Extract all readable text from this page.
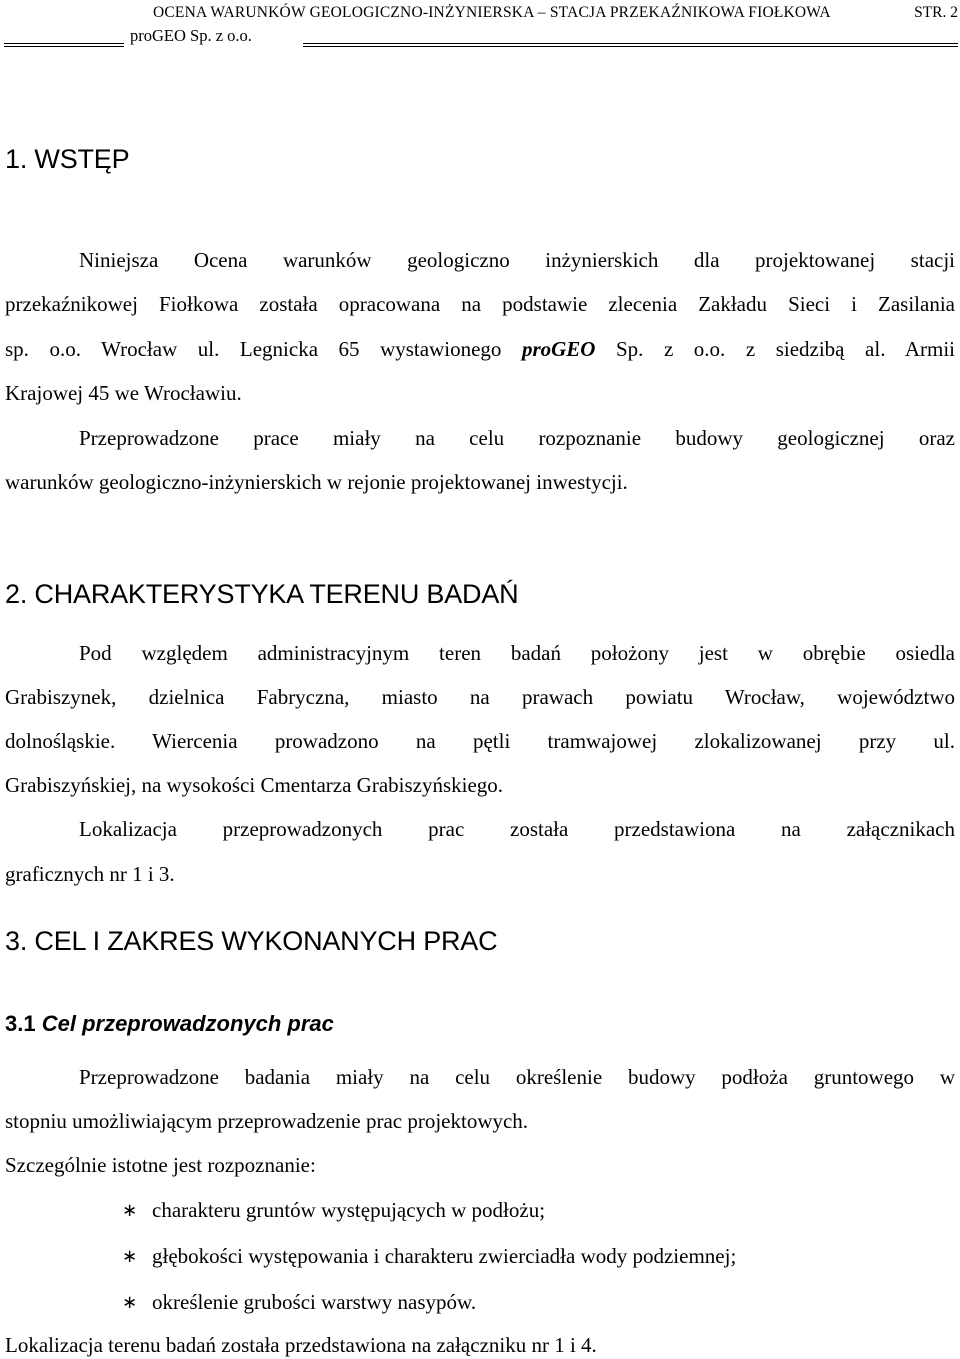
OCENA WARUNKÓW GEOLOGICZNO-INŻYNIERSKA – STACJA PRZEKAŹNIKOWA FIOŁKOWA	STR. 2
proGEO Sp. z o.o.
1. WSTĘP
Niniejsza Ocena warunków geologiczno inżynierskich dla projektowanej stacji
przekaźnikowej Fiołkowa została opracowana na podstawie zlecenia Zakładu Sieci i Zasilania
sp. o.o. Wrocław ul. Legnicka 65 wystawionego proGEO Sp. z o.o. z siedzibą al. Armii
Krajowej 45 we Wrocławiu.
Przeprowadzone prace miały na celu rozpoznanie budowy geologicznej oraz
warunków geologiczno-inżynierskich w rejonie projektowanej inwestycji.
2. CHARAKTERYSTYKA TERENU BADAŃ
Pod względem administracyjnym teren badań położony jest w obrębie osiedla
Grabiszynek, dzielnica Fabryczna, miasto na prawach powiatu Wrocław, województwo
dolnośląskie. Wiercenia prowadzono na pętli tramwajowej zlokalizowanej przy ul.
Grabiszyńskiej, na wysokości Cmentarza Grabiszyńskiego.
Lokalizacja przeprowadzonych prac została przedstawiona na załącznikach
graficznych nr 1 i 3.
3. CEL I ZAKRES WYKONANYCH PRAC
3.1 Cel przeprowadzonych prac
Przeprowadzone badania miały na celu określenie budowy podłoża gruntowego w
stopniu umożliwiającym przeprowadzenie prac projektowych.
Szczególnie istotne jest rozpoznanie:
∗ charakteru gruntów występujących w podłożu;
∗ głębokości występowania i charakteru zwierciadła wody podziemnej;
∗ określenie grubości warstwy nasypów.
Lokalizacja terenu badań została przedstawiona na załączniku nr 1 i 4.
